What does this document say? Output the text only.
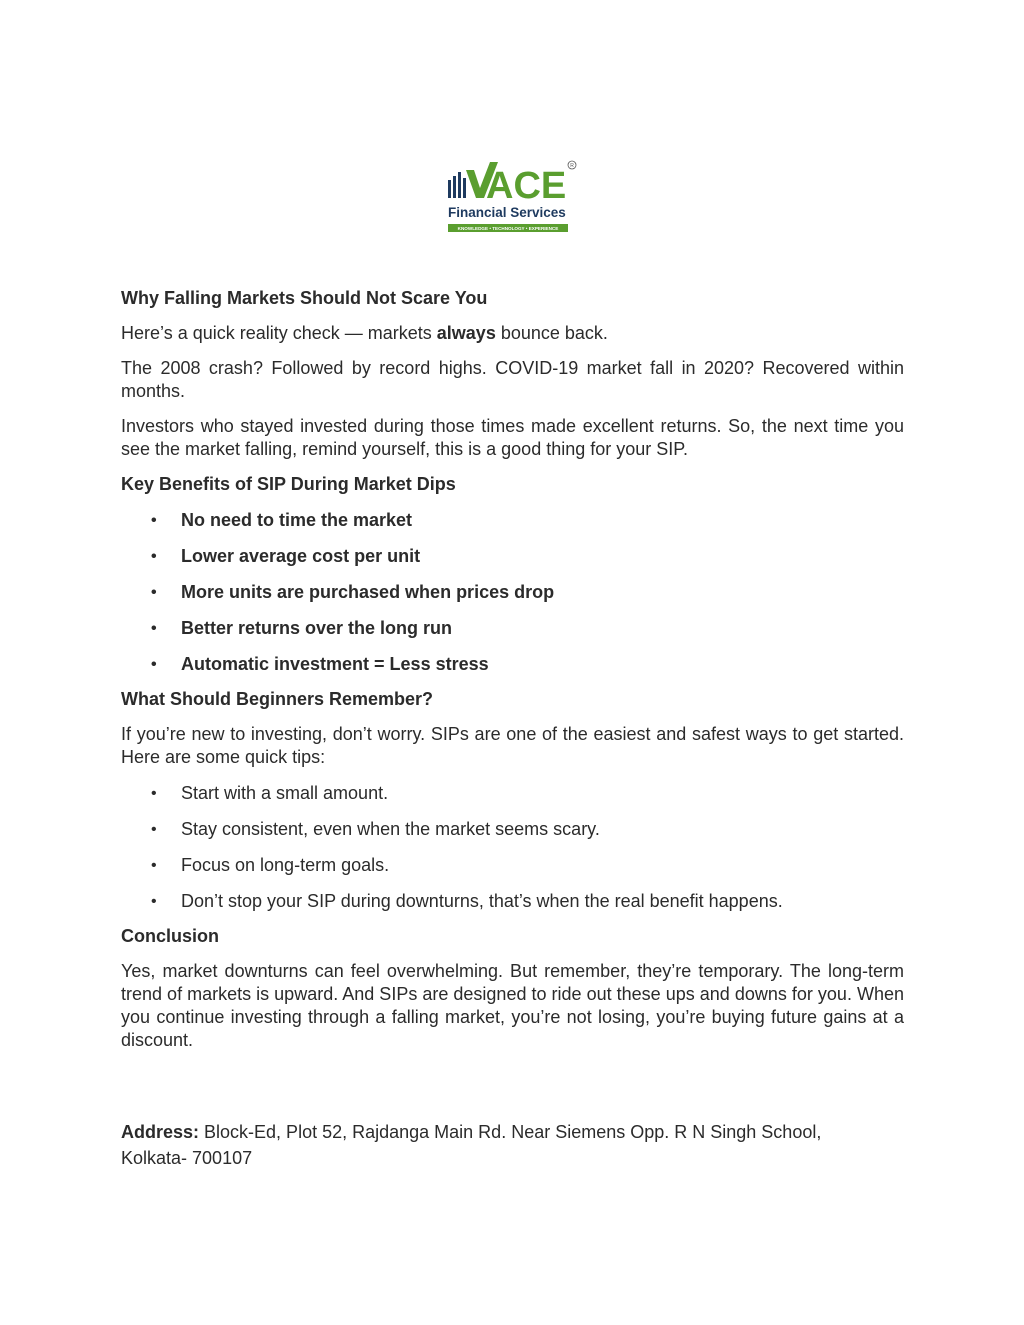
ACE R
Financial Services
KNOWLEDGE • TECHNOLOGY • EXPERIENCE

Why Falling Markets Should Not Scare You

Here’s a quick reality check — markets always bounce back.

The 2008 crash? Followed by record highs. COVID-19 market fall in 2020? Recovered within months.

Investors who stayed invested during those times made excellent returns. So, the next time you see the market falling, remind yourself, this is a good thing for your SIP.

Key Benefits of SIP During Market Dips

• No need to time the market
• Lower average cost per unit
• More units are purchased when prices drop
• Better returns over the long run
• Automatic investment = Less stress

What Should Beginners Remember?

If you’re new to investing, don’t worry. SIPs are one of the easiest and safest ways to get started. Here are some quick tips:

• Start with a small amount.
• Stay consistent, even when the market seems scary.
• Focus on long-term goals.
• Don’t stop your SIP during downturns, that’s when the real benefit happens.

Conclusion

Yes, market downturns can feel overwhelming. But remember, they’re temporary. The long-term trend of markets is upward. And SIPs are designed to ride out these ups and downs for you. When you continue investing through a falling market, you’re not losing, you’re buying future gains at a discount.

Address: Block-Ed, Plot 52, Rajdanga Main Rd. Near Siemens Opp. R N Singh School,
Kolkata- 700107
